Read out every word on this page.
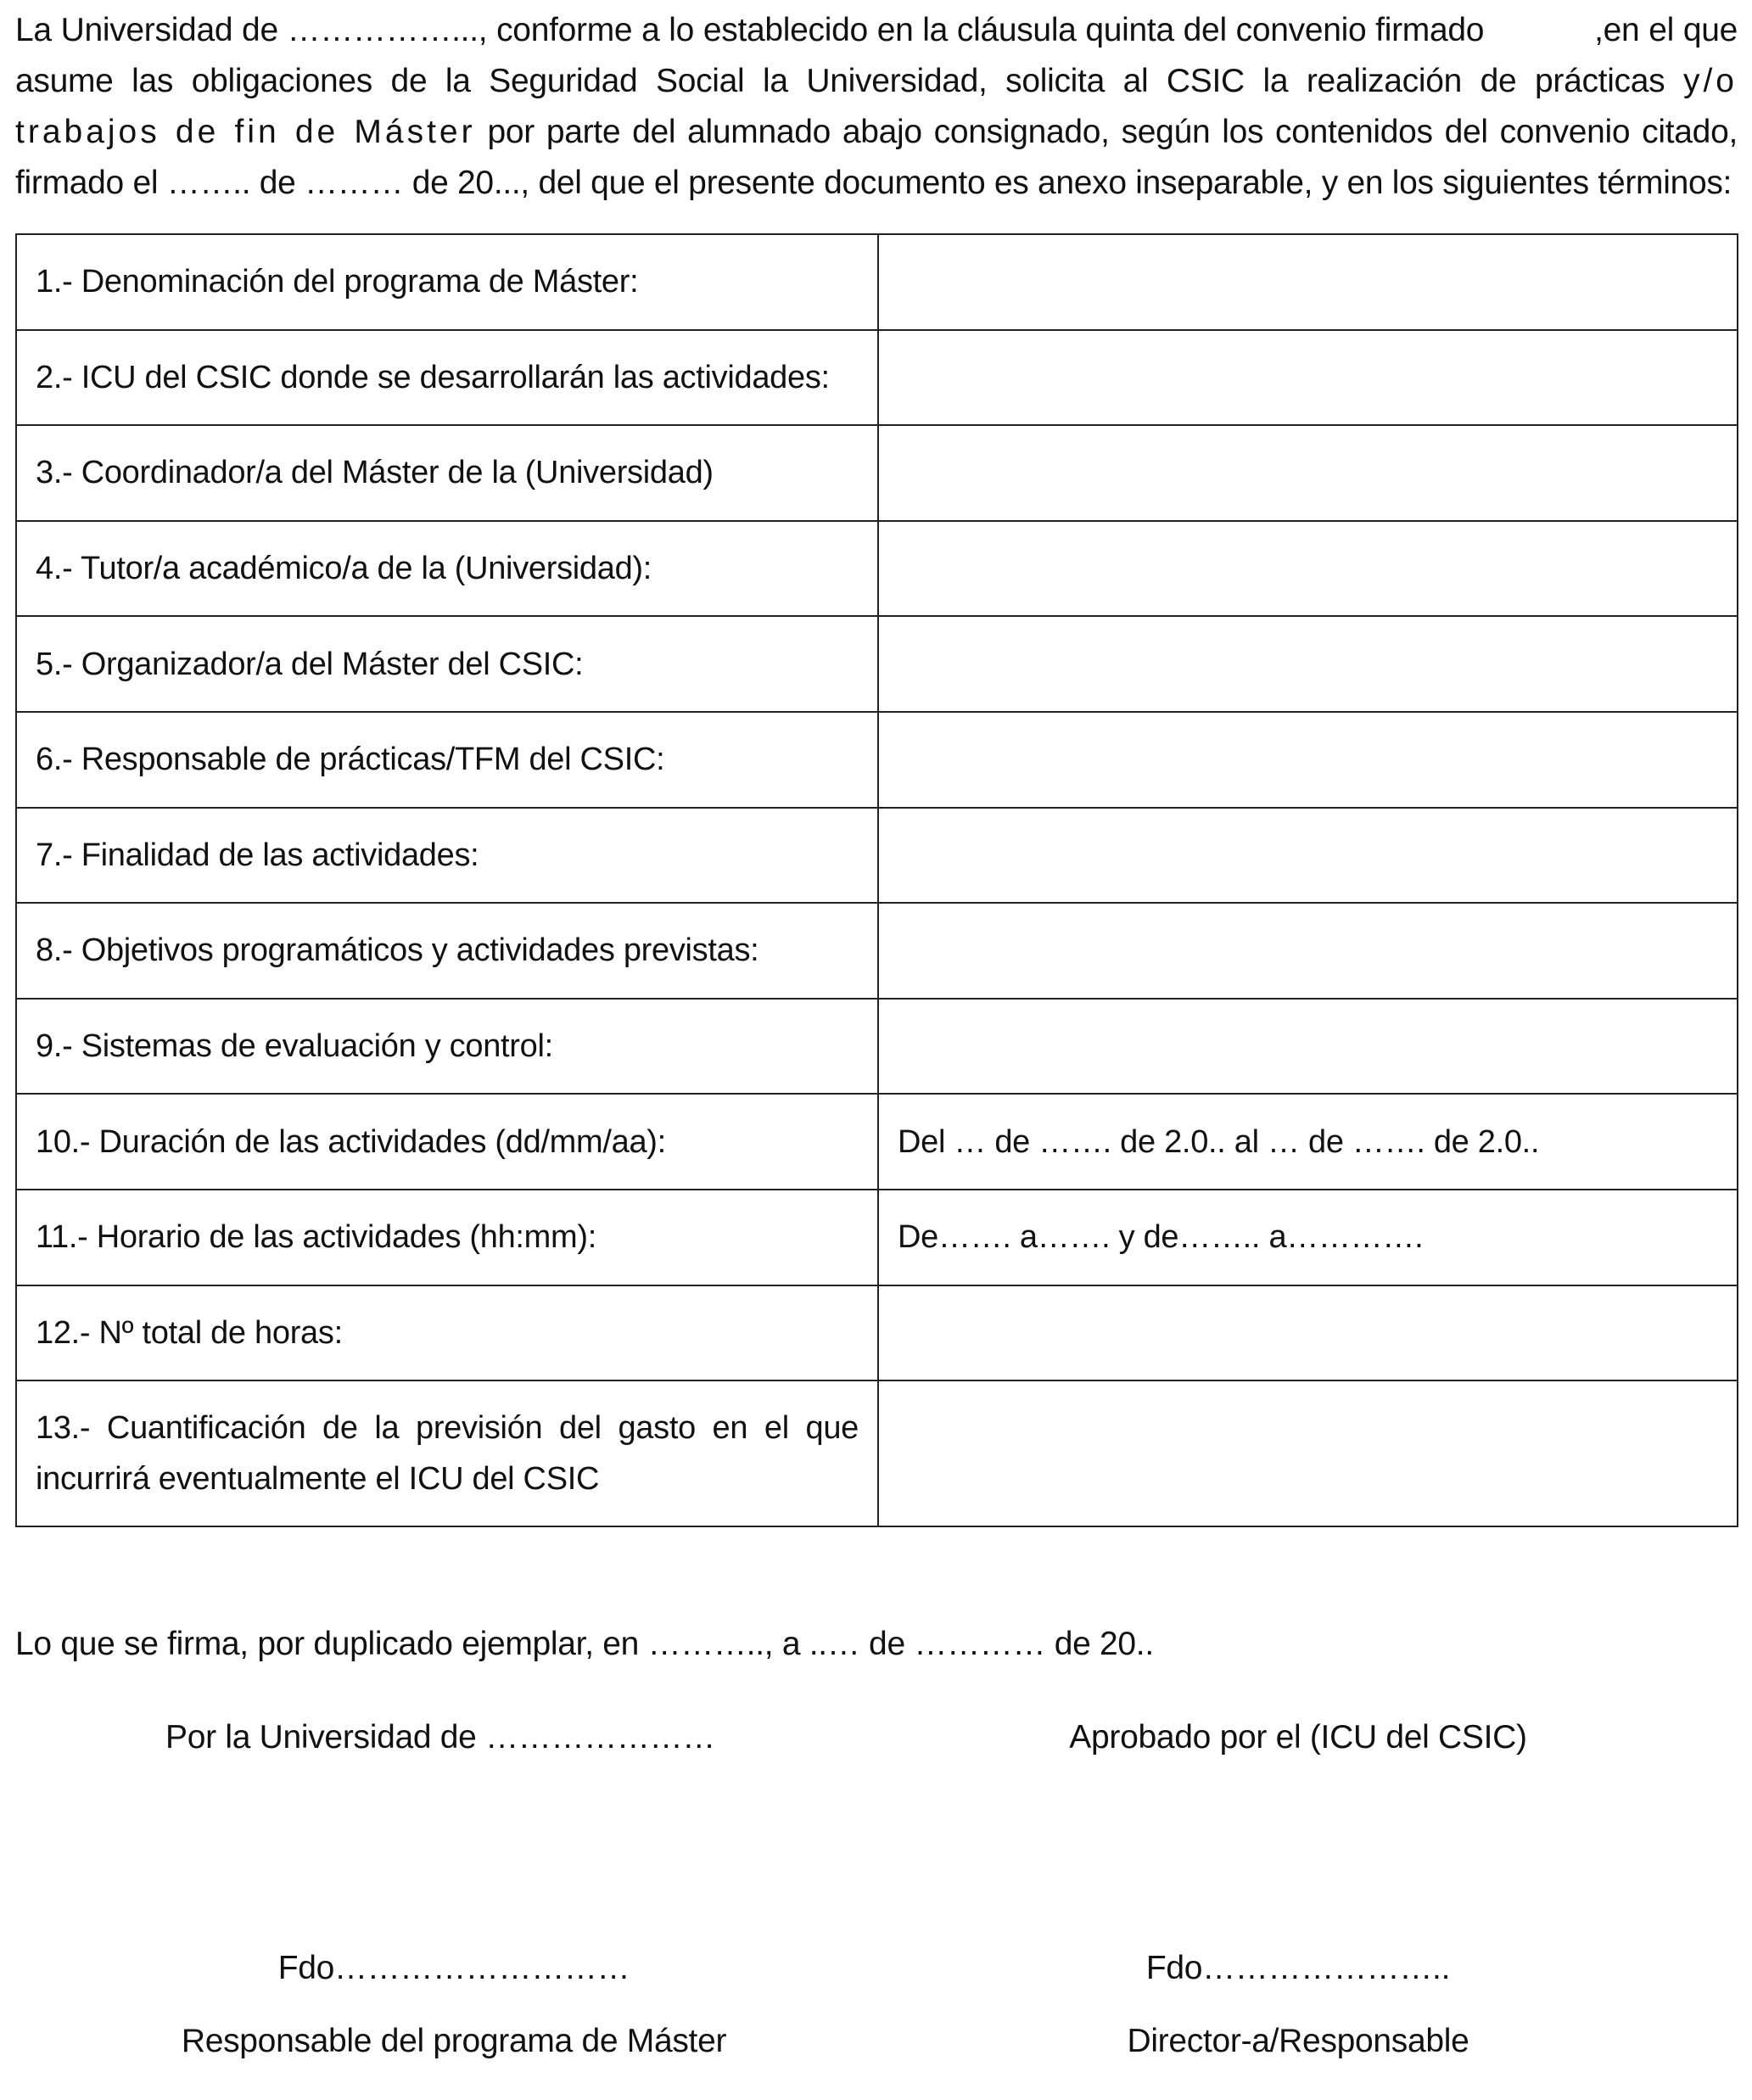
La Universidad de ……………..., conforme a lo establecido en la cláusula quinta del convenio firmado	,en el que asume las obligaciones de la Seguridad Social la Universidad, solicita al CSIC la realización de prácticas y/o trabajos de fin de Máster por parte del alumnado abajo consignado, según los contenidos del convenio citado, firmado el …….. de ……… de 20..., del que el presente documento es anexo inseparable, y en los siguientes términos:
1.- Denominación del programa de Máster:	
2.- ICU del CSIC donde se desarrollarán las actividades:	
3.- Coordinador/a del Máster de la (Universidad)	
4.- Tutor/a académico/a de la (Universidad):	
5.- Organizador/a del Máster del CSIC:	
6.- Responsable de prácticas/TFM del CSIC:	
7.- Finalidad de las actividades:	
8.- Objetivos programáticos y actividades previstas:	
9.- Sistemas de evaluación y control:	
10.- Duración de las actividades (dd/mm/aa):	Del … de ……. de 2.0.. al … de ……. de 2.0..
11.- Horario de las actividades (hh:mm):	De……. a……. y de…….. a………….
12.- Nº total de horas:	
13.- Cuantificación de la previsión del gasto en el que incurrirá eventualmente el ICU del CSIC	
Lo que se firma, por duplicado ejemplar, en ……….., a ..… de ………… de 20..
Por la Universidad de …………………	Aprobado por el (ICU del CSIC)
Fdo………………………	Fdo…………………..
Responsable del programa de Máster	Director-a/Responsable
